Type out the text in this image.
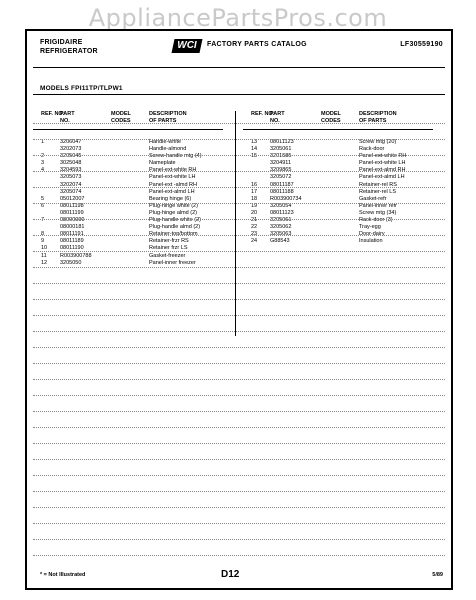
AppliancePartsPros.com
FRIGIDAIRE
REFRIGERATOR
WCI	FACTORY PARTS CATALOG	LF30559190
MODELS FPI11TP/TLPW1
REF. NO.
PART NO.
MODEL CODES
DESCRIPTION OF PARTS
1	3206047	Handle-white
3202073	Handle-almond
2	3205045	Screw-handle mtg (4)
3	3025048	Nameplate
4	3204593	Panel-ext-white RH
3205073	Panel-ext-white LH
3202074	Panel-ext -almd RH
3205074	Panel-ext-almd LH
5	05012007	Bearing hinge (6)
6	08011198	Plug-hinge white (2)
08011199	Plug-hinge almd (2)
7	08000090	Plug-handle white (2)
08000181	Plug-handle almd (2)
8	08011191	Retainer-top/bottom
9	08011189	Retainer-frzr RS
10 08011190	Retainer frzr LS
11 R003900788	Gasket-freezer
12 3205050	Panel-inner freezer
REF. NO.
PART NO.
MODEL CODES
DESCRIPTION OF PARTS
13 08011123	Screw mtg (20)
14 3205061	Rack-door
15 3201585	Panel-ext-white RH
3204911	Panel-ext-white LH
3209865	Panel-ext-almd RH
3205072	Panel-ext-almd LH
16 08011187	Retainer-rel RS
17 08011188	Retainer-rel LS
18 R003900734	Gasket-refr
19 3205054	Panel-inner refr
20 08011123	Screw mtg (34)
21 3205061	Rack-door (3)
22 3205062	Tray-egg
23 3205063	Door-dairy
24 G88543	Insulation
* = Not Illustrated	D12	5/89
